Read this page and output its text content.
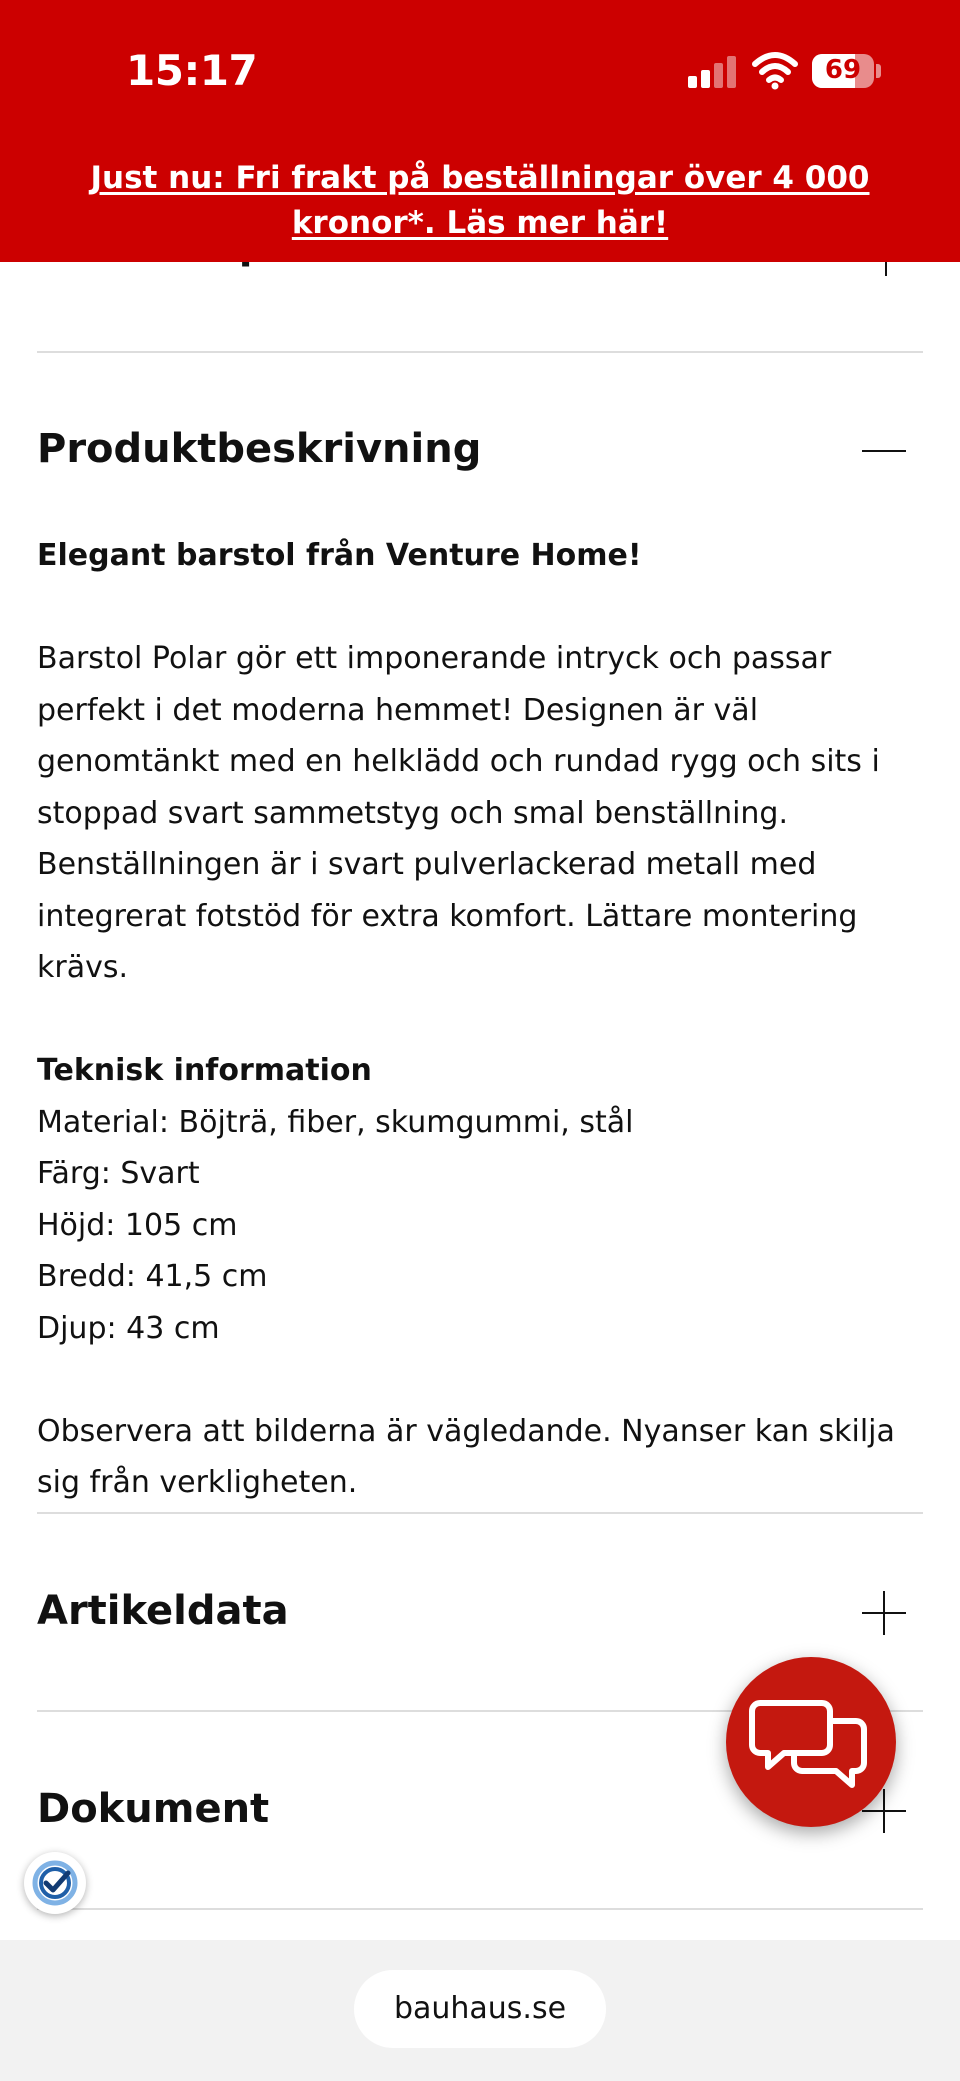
15:17	69
Just nu: Fri frakt på beställningar över 4 000 kronor*. Läs mer här!
Produktbeskrivning

Elegant barstol från Venture Home!

Barstol Polar gör ett imponerande intryck och passar perfekt i det moderna hemmet! Designen är väl genomtänkt med en helklädd och rundad rygg och sits i stoppad svart sammetstyg och smal benställning. Benställningen är i svart pulverlackerad metall med integrerat fotstöd för extra komfort. Lättare montering krävs.

Teknisk information

Material: Böjträ, fiber, skumgummi, stål

Färg: Svart

Höjd: 105 cm

Bredd: 41,5 cm

Djup: 43 cm

Observera att bilderna är vägledande. Nyanser kan skilja sig från verkligheten.

Artikeldata
Dokument
bauhaus.se
